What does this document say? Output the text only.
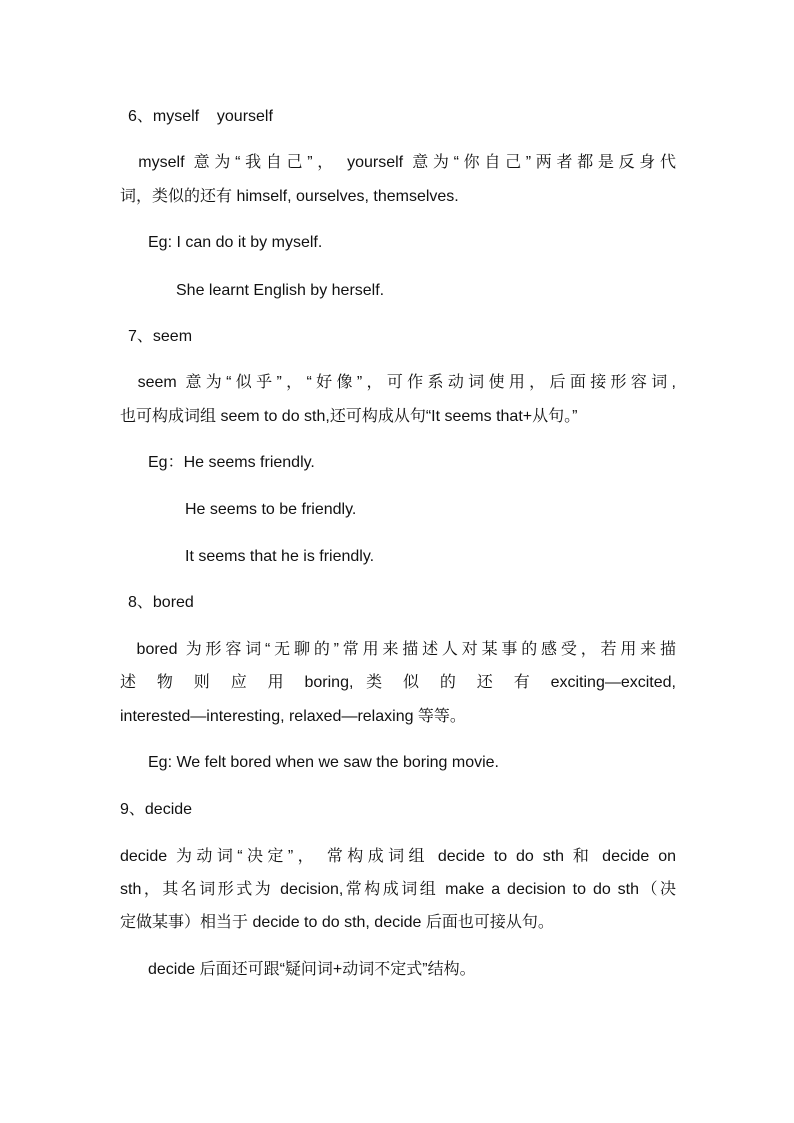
6、myself    yourself
myself 意为“我自己”， yourself 意为“你自己”两者都是反身代
词，类似的还有 himself, ourselves, themselves.
Eg: I can do it by myself.
She learnt English by herself.
7、seem
seem 意为“似乎”，“好像”，可作系动词使用，后面接形容词,
也可构成词组 seem to do sth,还可构成从句“It seems that+从句。”
Eg：He seems friendly.
He seems to be friendly.
It seems that he is friendly.
8、bored
bored 为形容词“无聊的”常用来描述人对某事的感受，若用来描
述 物 则 应 用 boring, 类 似 的 还 有 exciting—excited,
interested—interesting, relaxed—relaxing 等等。
Eg: We felt bored when we saw the boring movie.
9、decide
decide 为动词“决定”， 常构成词组 decide to do sth 和 decide on
sth，其名词形式为 decision,常构成词组 make a decision to do sth（决
定做某事）相当于 decide to do sth, decide 后面也可接从句。
decide 后面还可跟“疑问词+动词不定式”结构。
